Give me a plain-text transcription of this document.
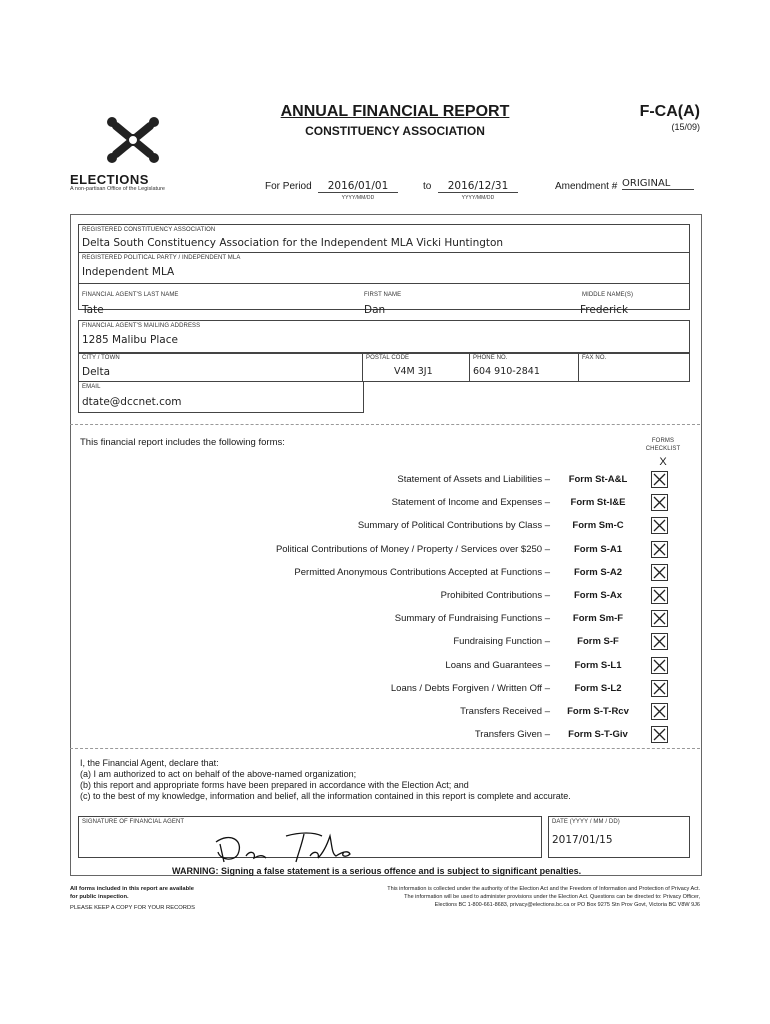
ELECTIONS
A non-partisan Office of the Legislature
ANNUAL FINANCIAL REPORT
CONSTITUENCY ASSOCIATION
F-CA(A)
(15/09)
For Period	2016/01/01
YYYY/MM/DD
to	2016/12/31
YYYY/MM/DD
Amendment # ORIGINAL
REGISTERED CONSTITUENCY ASSOCIATION
Delta South Constituency Association for the Independent MLA Vicki Huntington
REGISTERED POLITICAL PARTY / INDEPENDENT MLA
Independent MLA
FINANCIAL AGENT'S LAST NAME
Tate
FIRST NAME
Dan
MIDDLE NAME(S)
Frederick
FINANCIAL AGENT'S MAILING ADDRESS
1285 Malibu Place
CITY / TOWN
Delta
POSTAL CODE
V4M 3J1
PHONE NO.
604 910-2841
FAX NO.
EMAIL
dtate@dccnet.com
This financial report includes the following forms:	FORMS
CHECKLIST
X
Statement of Assets and Liabilities –	Form St-A&L
Statement of Income and Expenses –	Form St-I&E
Summary of Political Contributions by Class –	Form Sm-C
Political Contributions of Money / Property / Services over $250 –	Form S-A1
Permitted Anonymous Contributions Accepted at Functions –	Form S-A2
Prohibited Contributions –	Form S-Ax
Summary of Fundraising Functions –	Form Sm-F
Fundraising Function –	Form S-F
Loans and Guarantees –	Form S-L1
Loans / Debts Forgiven / Written Off –	Form S-L2
Transfers Received –	Form S-T-Rcv
Transfers Given –	Form S-T-Giv
I, the Financial Agent, declare that:
(a) I am authorized to act on behalf of the above-named organization;
(b) this report and appropriate forms have been prepared in accordance with the Election Act; and
(c) to the best of my knowledge, information and belief, all the information contained in this report is complete and accurate.
SIGNATURE OF FINANCIAL AGENT	DATE (YYYY / MM / DD)
2017/01/15
WARNING: Signing a false statement is a serious offence and is subject to significant penalties.
All forms included in this report are available
for public inspection.
PLEASE KEEP A COPY FOR YOUR RECORDS
This information is collected under the authority of the Election Act and the Freedom of Information and Protection of Privacy Act.
The information will be used to administer provisions under the Election Act. Questions can be directed to: Privacy Officer,
Elections BC 1-800-661-8683, privacy@elections.bc.ca or PO Box 9275 Stn Prov Govt, Victoria BC V8W 9J6
